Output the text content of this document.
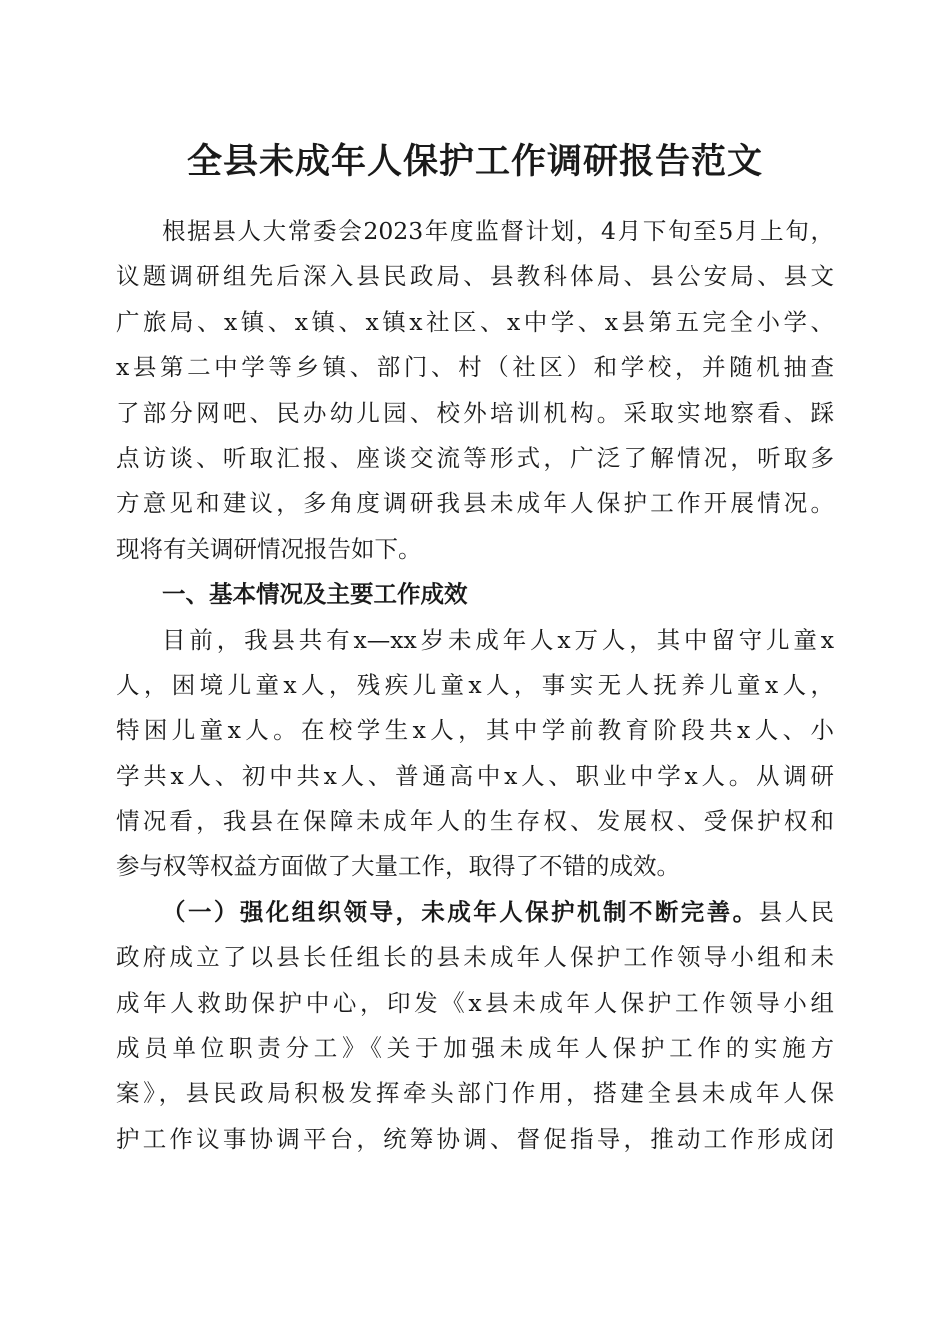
全县未成年人保护工作调研报告范文
根据县人大常委会2023年度监督计划，4月下旬至5月上旬，
议题调研组先后深入县民政局、县教科体局、县公安局、县文
广旅局、x镇、x镇、x镇x社区、x中学、x县第五完全小学、
x县第二中学等乡镇、部门、村（社区）和学校，并随机抽查
了部分网吧、民办幼儿园、校外培训机构。采取实地察看、踩
点访谈、听取汇报、座谈交流等形式，广泛了解情况，听取多
方意见和建议，多角度调研我县未成年人保护工作开展情况。
现将有关调研情况报告如下。
一、基本情况及主要工作成效
目前，我县共有x—xx岁未成年人x万人，其中留守儿童x
人，困境儿童x人，残疾儿童x人，事实无人抚养儿童x人，
特困儿童x人。在校学生x人，其中学前教育阶段共x人、小
学共x人、初中共x人、普通高中x人、职业中学x人。从调研
情况看，我县在保障未成年人的生存权、发展权、受保护权和
参与权等权益方面做了大量工作，取得了不错的成效。
（一）强化组织领导，未成年人保护机制不断完善。县人民
政府成立了以县长任组长的县未成年人保护工作领导小组和未
成年人救助保护中心，印发《x县未成年人保护工作领导小组
成员单位职责分工》《关于加强未成年人保护工作的实施方
案》，县民政局积极发挥牵头部门作用，搭建全县未成年人保
护工作议事协调平台，统筹协调、督促指导，推动工作形成闭
